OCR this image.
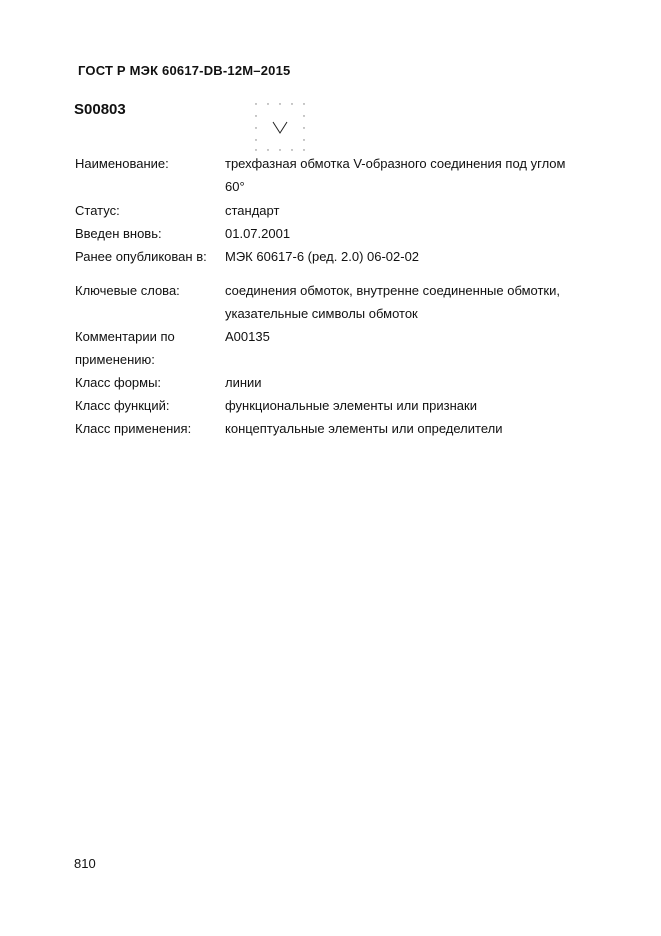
ГОСТ Р МЭК 60617-DB-12M–2015
S00803
Наименование:	трехфазная обмотка V-образного соединения под углом
60°
Статус:	стандарт
Введен вновь:	01.07.2001
Ранее опубликован в:	МЭК 60617-6 (ред. 2.0) 06-02-02
Ключевые слова:	соединения обмоток, внутренне соединенные обмотки,
указательные символы обмоток
Комментарии по
применению:
A00135
Класс формы:	линии
Класс функций:	функциональные элементы или признаки
Класс применения:	концептуальные элементы или определители
810
